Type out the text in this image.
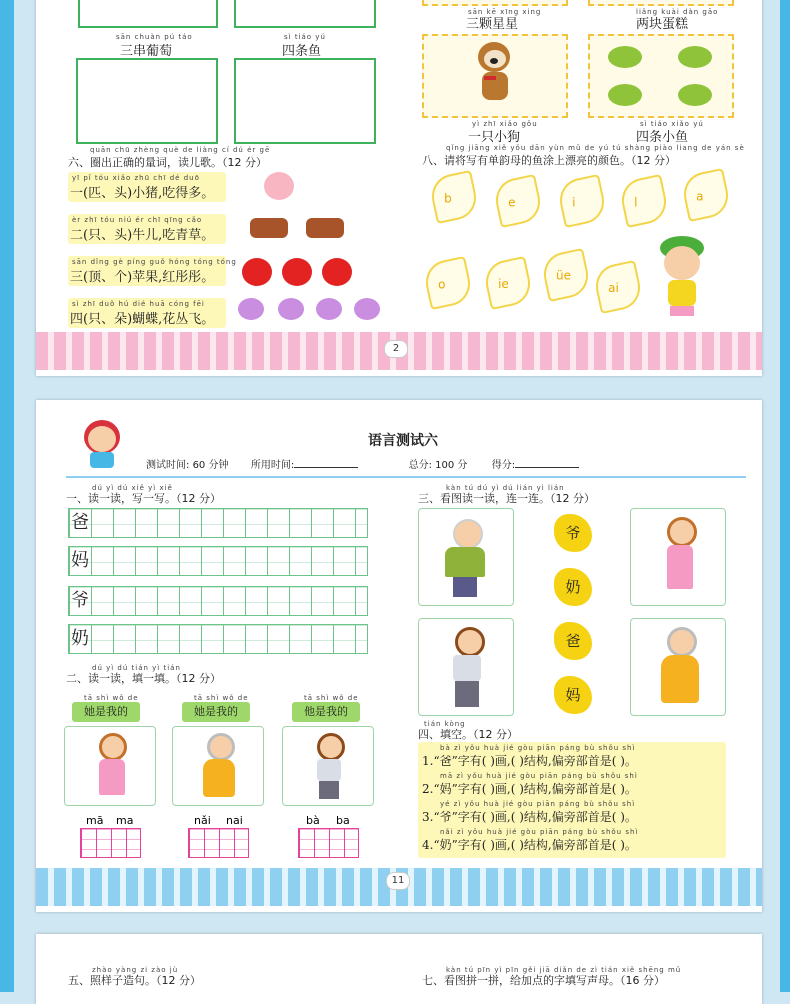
sān chuàn pú táo
三串葡萄
sì tiáo yú
四条鱼
sān kē xīng xing
三颗星星
liǎng kuài dàn gāo
两块蛋糕
yì zhī xiǎo gǒu
一只小狗
sì tiáo xiǎo yú
四条小鱼
quān chū zhèng què de liàng cí dú ér gē
六、圈出正确的量词，读儿歌。（12 分）
yī pǐ tóu xiǎo zhū chī dé duō
一(匹、头)小猪,吃得多。
èr zhī tóu niú ér chī qīng cǎo
二(只、头)牛儿,吃青草。
sān dǐng gè píng guǒ hóng tóng tóng
三(顶、个)苹果,红彤彤。
sì zhī duǒ hú dié huā cóng fēi
四(只、朵)蝴蝶,花丛飞。
qǐng jiāng xiě yǒu dān yùn mǔ de yú tú shàng piào liang de yán sè
八、请将写有单韵母的鱼涂上漂亮的颜色。（12 分）
b	e	i	l	a
o	ie
üe
ai
2
语言测试六
测试时间: 60 分钟 所用时间:	总分: 100 分 得分:
dú yì dú xiě yì xiě
一、读一读，写一写。（12 分）
爸
妈
爷
奶
dú yì dú tián yì tián
二、读一读，填一填。（12 分）
tā shì wǒ de
她是我的
tā shì wǒ de
她是我的
tā shì wǒ de
他是我的
mā ma	nǎi nai	bà ba
kàn tú dú yì dú lián yì lián
三、看图读一读，连一连。（12 分）
爷
奶
爸
妈
tián kòng
四、填空。（12 分）
bà zì yǒu huà jié gòu piān páng bù shǒu shì
1.“爸”字有( )画,( )结构,偏旁部首是( )。
mā zì yǒu huà jié gòu piān páng bù shǒu shì
2.“妈”字有( )画,( )结构,偏旁部首是( )。
yé zì yǒu huà jié gòu piān páng bù shǒu shì
3.“爷”字有( )画,( )结构,偏旁部首是( )。
nǎi zì yǒu huà jié gòu piān páng bù shǒu shì
4.“奶”字有( )画,( )结构,偏旁部首是( )。
11
zhào yàng zi zào jù
五、照样子造句。（12 分）
kàn tú pīn yì pīn gěi jiā diǎn de zì tián xiě shēng mǔ
七、看图拼一拼，给加点的字填写声母。（16 分）
